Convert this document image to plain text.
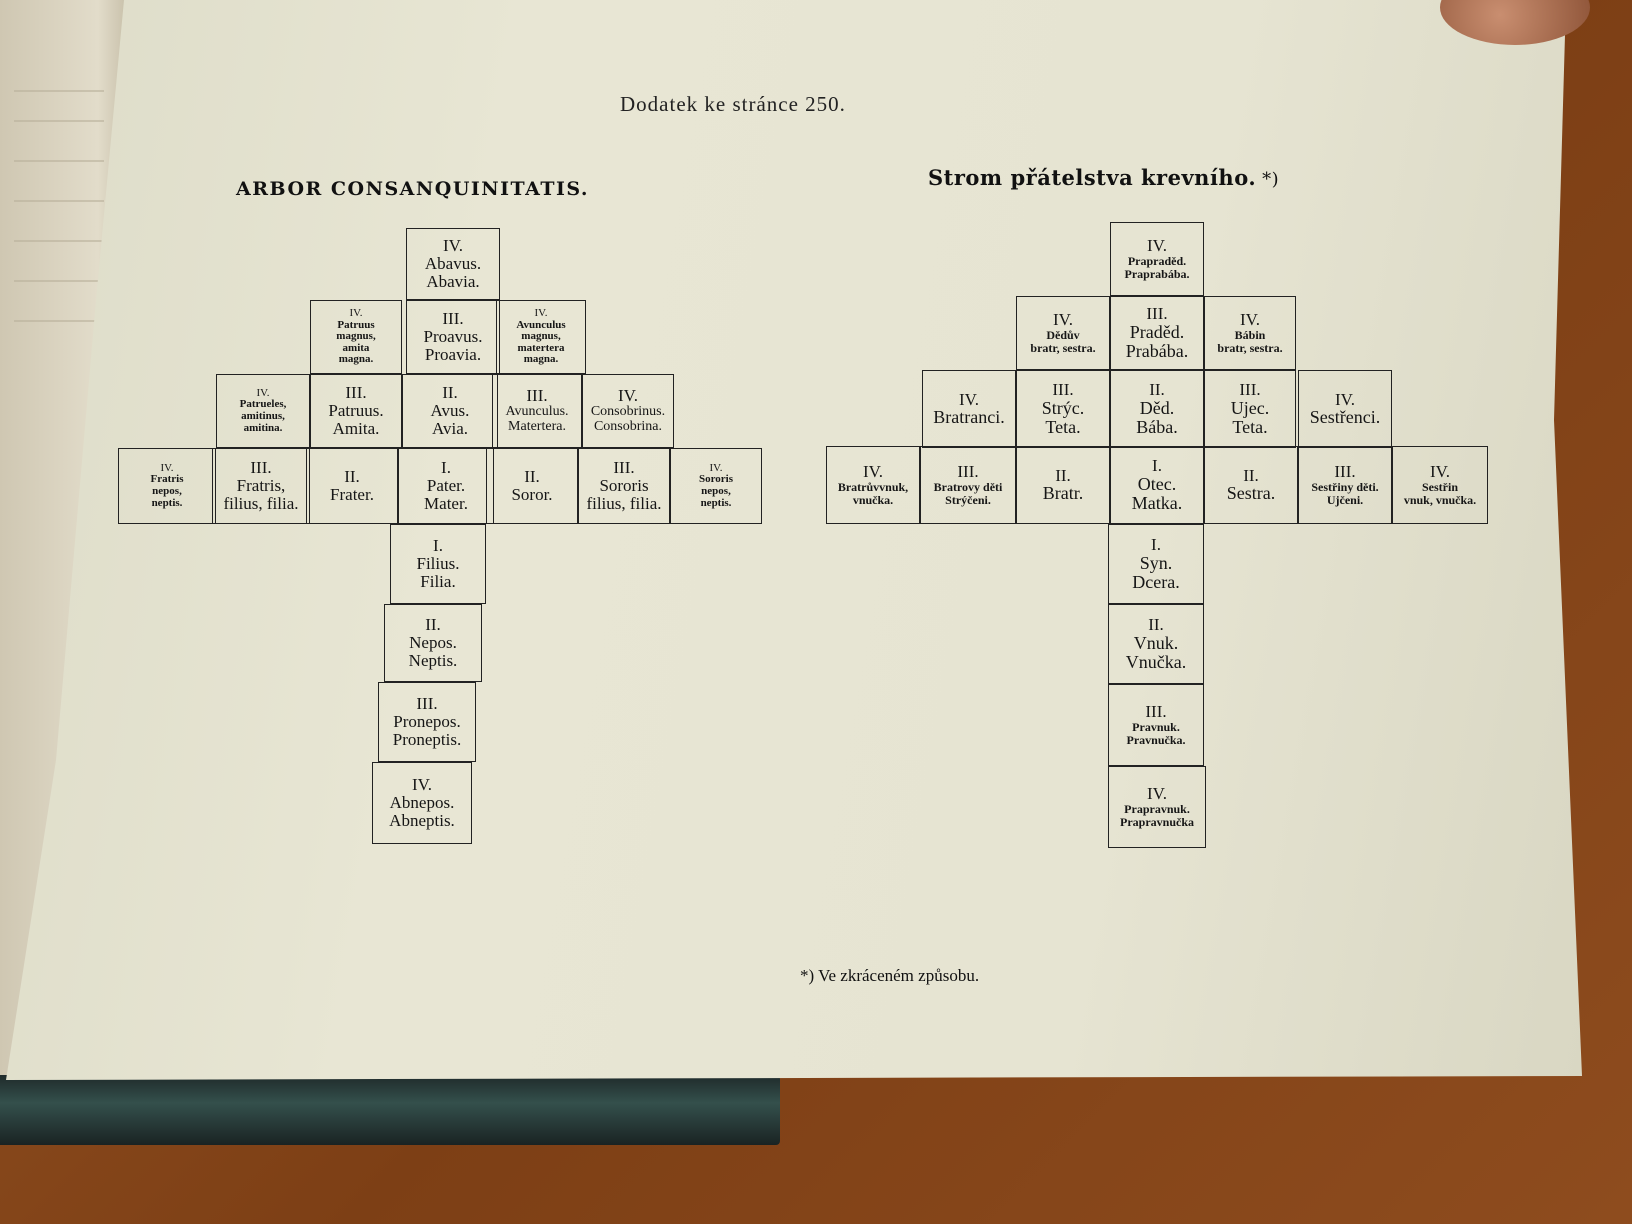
Dodatek ke stránce 250.
ARBOR CONSANQUINITATIS.	Strom přátelstva krevního. *)
IV.
Abavus.
Abavia.
IV.
Patruus
magnus,
amita
magna.
III.
Proavus.
Proavia.
IV.
Avunculus
magnus,
matertera
magna.
IV.
Patrueles,
amitinus,
amitina.
III.
Patruus.
Amita.
II.
Avus.
Avia.
III.
Avunculus.
Matertera.
IV.
Consobrinus.
Consobrina.
IV.
Fratris
nepos,
neptis.
III.
Fratris,
filius, filia.
II.
Frater.
I.
Pater.
Mater.
II.
Soror.
III.
Sororis
filius, filia.
IV.
Sororis
nepos,
neptis.
I.
Filius.
Filia.
II.
Nepos.
Neptis.
III.
Pronepos.
Proneptis.
IV.
Abnepos.
Abneptis.
IV.
Prapraděd.
Praprabába.
IV.
Dědův
bratr, sestra.
III.
Praděd.
Prabába.
IV.
Bábin
bratr, sestra.
IV.
Bratranci.
III.
Strýc.
Teta.
II.
Děd.
Bába.
III.
Ujec.
Teta.
IV.
Sestřenci.
IV.
Bratrůvvnuk,
vnučka.
III.
Bratrovy děti
Strýčeni.
II.
Bratr.
I.
Otec.
Matka.
II.
Sestra.
III.
Sestřiny děti.
Ujčeni.
IV.
Sestřin
vnuk, vnučka.
I.
Syn.
Dcera.
II.
Vnuk.
Vnučka.
III.
Pravnuk.
Pravnučka.
IV.
Prapravnuk.
Prapravnučka
*) Ve zkráceném způsobu.
